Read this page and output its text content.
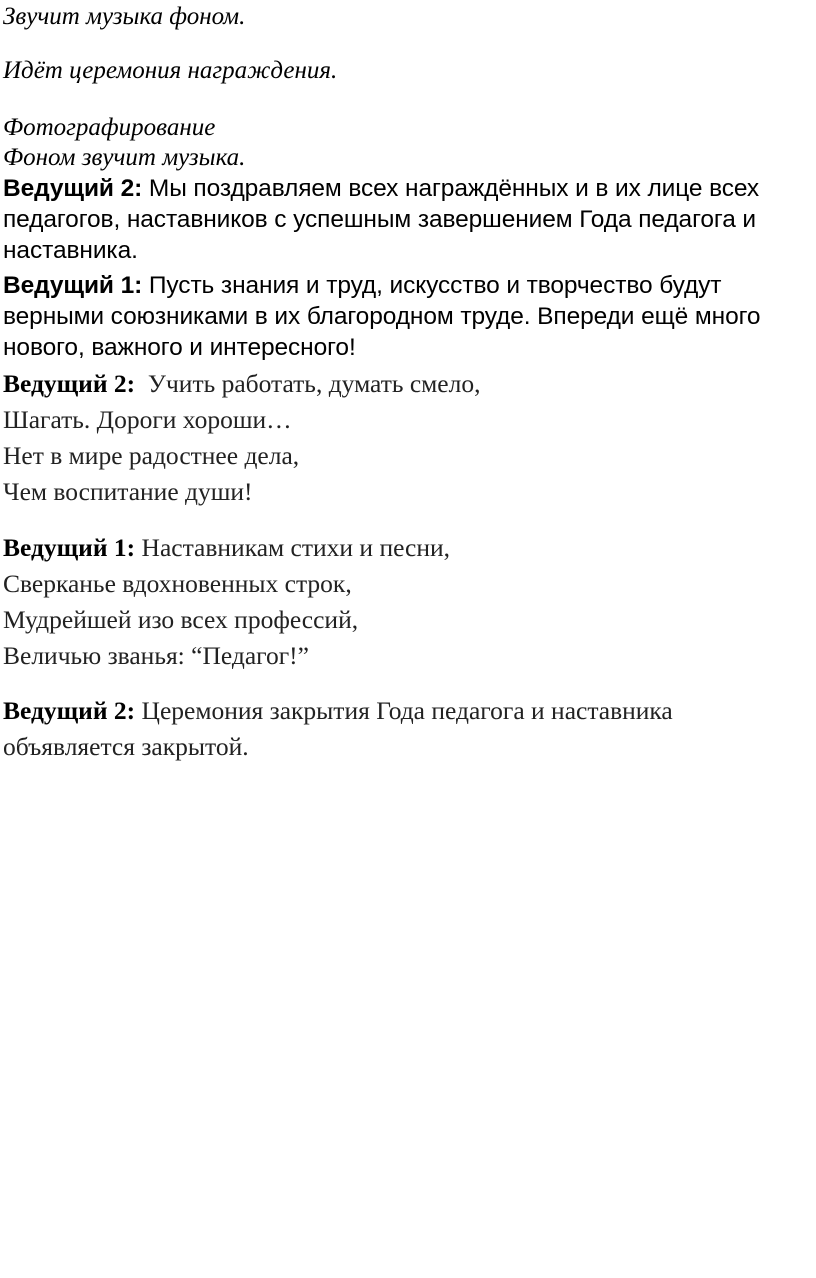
Звучит музыка фоном.

Идёт церемония награждения.

Фотографирование

Фоном звучит музыка.

Ведущий 2: Мы поздравляем всех награждённых и в их лице всех педагогов, наставников с успешным завершением Года педагога и наставника.

Ведущий 1: Пусть знания и труд, искусство и творчество будут верными союзниками в их благородном труде. Впереди ещё много нового, важного и интересного!

Ведущий 2: Учить работать, думать смело,
Шагать. Дороги хороши…
Нет в мире радостнее дела,
Чем воспитание души!
Ведущий 1: Наставникам стихи и песни,
Сверканье вдохновенных строк,
Мудрейшей изо всех профессий,
Величью званья: “Педагог!”
Ведущий 2: Церемония закрытия Года педагога и наставника
объявляется закрытой.
